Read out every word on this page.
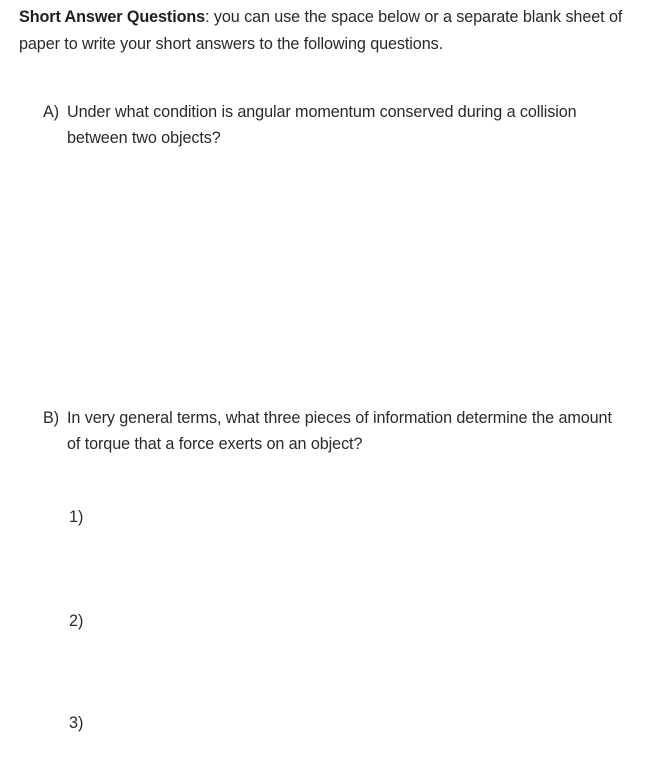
Short Answer Questions: you can use the space below or a separate blank sheet of paper to write your short answers to the following questions.
A) Under what condition is angular momentum conserved during a collision between two objects?
B) In very general terms, what three pieces of information determine the amount of torque that a force exerts on an object?
1)
2)
3)
